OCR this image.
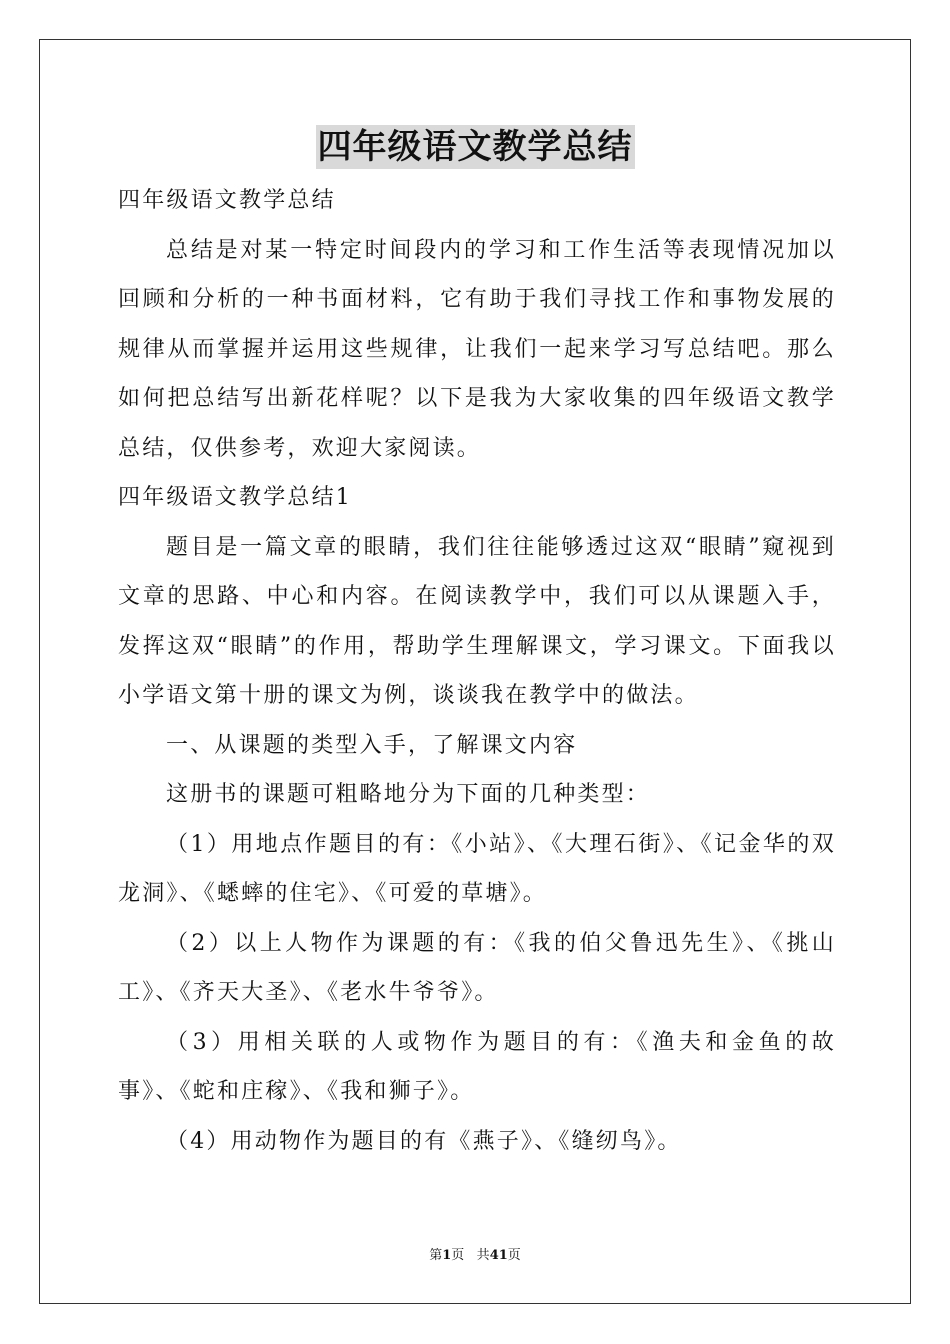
四年级语文教学总结

四年级语文教学总结

总结是对某一特定时间段内的学习和工作生活等表现情况加以回顾和分析的一种书面材料，它有助于我们寻找工作和事物发展的规律从而掌握并运用这些规律，让我们一起来学习写总结吧。那么如何把总结写出新花样呢？以下是我为大家收集的四年级语文教学总结，仅供参考，欢迎大家阅读。

四年级语文教学总结1

题目是一篇文章的眼睛，我们往往能够透过这双“眼睛”窥视到文章的思路、中心和内容。在阅读教学中，我们可以从课题入手，发挥这双“眼睛”的作用，帮助学生理解课文，学习课文。下面我以小学语文第十册的课文为例，谈谈我在教学中的做法。

一、从课题的类型入手，了解课文内容

这册书的课题可粗略地分为下面的几种类型：

（1）用地点作题目的有：《小站》、《大理石街》、《记金华的双龙洞》、《蟋蟀的住宅》、《可爱的草塘》。

（2）以上人物作为课题的有：《我的伯父鲁迅先生》、《挑山工》、《齐天大圣》、《老水牛爷爷》。

（3）用相关联的人或物作为题目的有：《渔夫和金鱼的故事》、《蛇和庄稼》、《我和狮子》。

（4）用动物作为题目的有《燕子》、《缝纫鸟》。

第1页 共41页
